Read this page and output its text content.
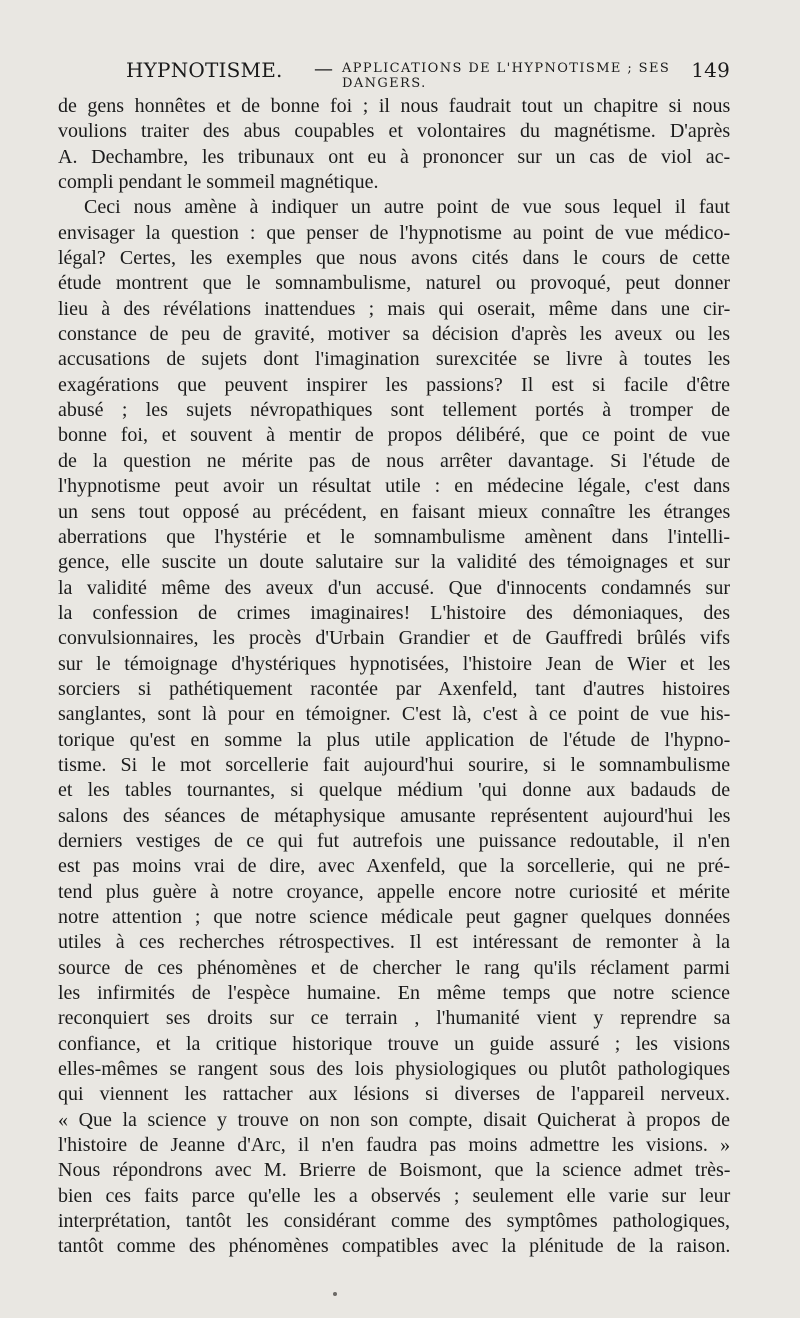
HYPNOTISME. — APPLICATIONS DE L'HYPNOTISME ; SES DANGERS.
149
de gens honnêtes et de bonne foi ; il nous faudrait tout un chapitre si nous
voulions traiter des abus coupables et volontaires du magnétisme. D'après
A. Dechambre, les tribunaux ont eu à prononcer sur un cas de viol ac-
compli pendant le sommeil magnétique.
Ceci nous amène à indiquer un autre point de vue sous lequel il faut
envisager la question : que penser de l'hypnotisme au point de vue médico-
légal? Certes, les exemples que nous avons cités dans le cours de cette
étude montrent que le somnambulisme, naturel ou provoqué, peut donner
lieu à des révélations inattendues ; mais qui oserait, même dans une cir-
constance de peu de gravité, motiver sa décision d'après les aveux ou les
accusations de sujets dont l'imagination surexcitée se livre à toutes les
exagérations que peuvent inspirer les passions? Il est si facile d'être
abusé ; les sujets névropathiques sont tellement portés à tromper de
bonne foi, et souvent à mentir de propos délibéré, que ce point de vue
de la question ne mérite pas de nous arrêter davantage. Si l'étude de
l'hypnotisme peut avoir un résultat utile : en médecine légale, c'est dans
un sens tout opposé au précédent, en faisant mieux connaître les étranges
aberrations que l'hystérie et le somnambulisme amènent dans l'intelli-
gence, elle suscite un doute salutaire sur la validité des témoignages et sur
la validité même des aveux d'un accusé. Que d'innocents condamnés sur
la confession de crimes imaginaires! L'histoire des démoniaques, des
convulsionnaires, les procès d'Urbain Grandier et de Gauffredi brûlés vifs
sur le témoignage d'hystériques hypnotisées, l'histoire Jean de Wier et les
sorciers si pathétiquement racontée par Axenfeld, tant d'autres histoires
sanglantes, sont là pour en témoigner. C'est là, c'est à ce point de vue his-
torique qu'est en somme la plus utile application de l'étude de l'hypno-
tisme. Si le mot sorcellerie fait aujourd'hui sourire, si le somnambulisme
et les tables tournantes, si quelque médium 'qui donne aux badauds de
salons des séances de métaphysique amusante représentent aujourd'hui les
derniers vestiges de ce qui fut autrefois une puissance redoutable, il n'en
est pas moins vrai de dire, avec Axenfeld, que la sorcellerie, qui ne pré-
tend plus guère à notre croyance, appelle encore notre curiosité et mérite
notre attention ; que notre science médicale peut gagner quelques données
utiles à ces recherches rétrospectives. Il est intéressant de remonter à la
source de ces phénomènes et de chercher le rang qu'ils réclament parmi
les infirmités de l'espèce humaine. En même temps que notre science
reconquiert ses droits sur ce terrain , l'humanité vient y reprendre sa
confiance, et la critique historique trouve un guide assuré ; les visions
elles-mêmes se rangent sous des lois physiologiques ou plutôt pathologiques
qui viennent les rattacher aux lésions si diverses de l'appareil nerveux.
« Que la science y trouve on non son compte, disait Quicherat à propos de
l'histoire de Jeanne d'Arc, il n'en faudra pas moins admettre les visions. »
Nous répondrons avec M. Brierre de Boismont, que la science admet très-
bien ces faits parce qu'elle les a observés ; seulement elle varie sur leur
interprétation, tantôt les considérant comme des symptômes pathologiques,
tantôt comme des phénomènes compatibles avec la plénitude de la raison.
